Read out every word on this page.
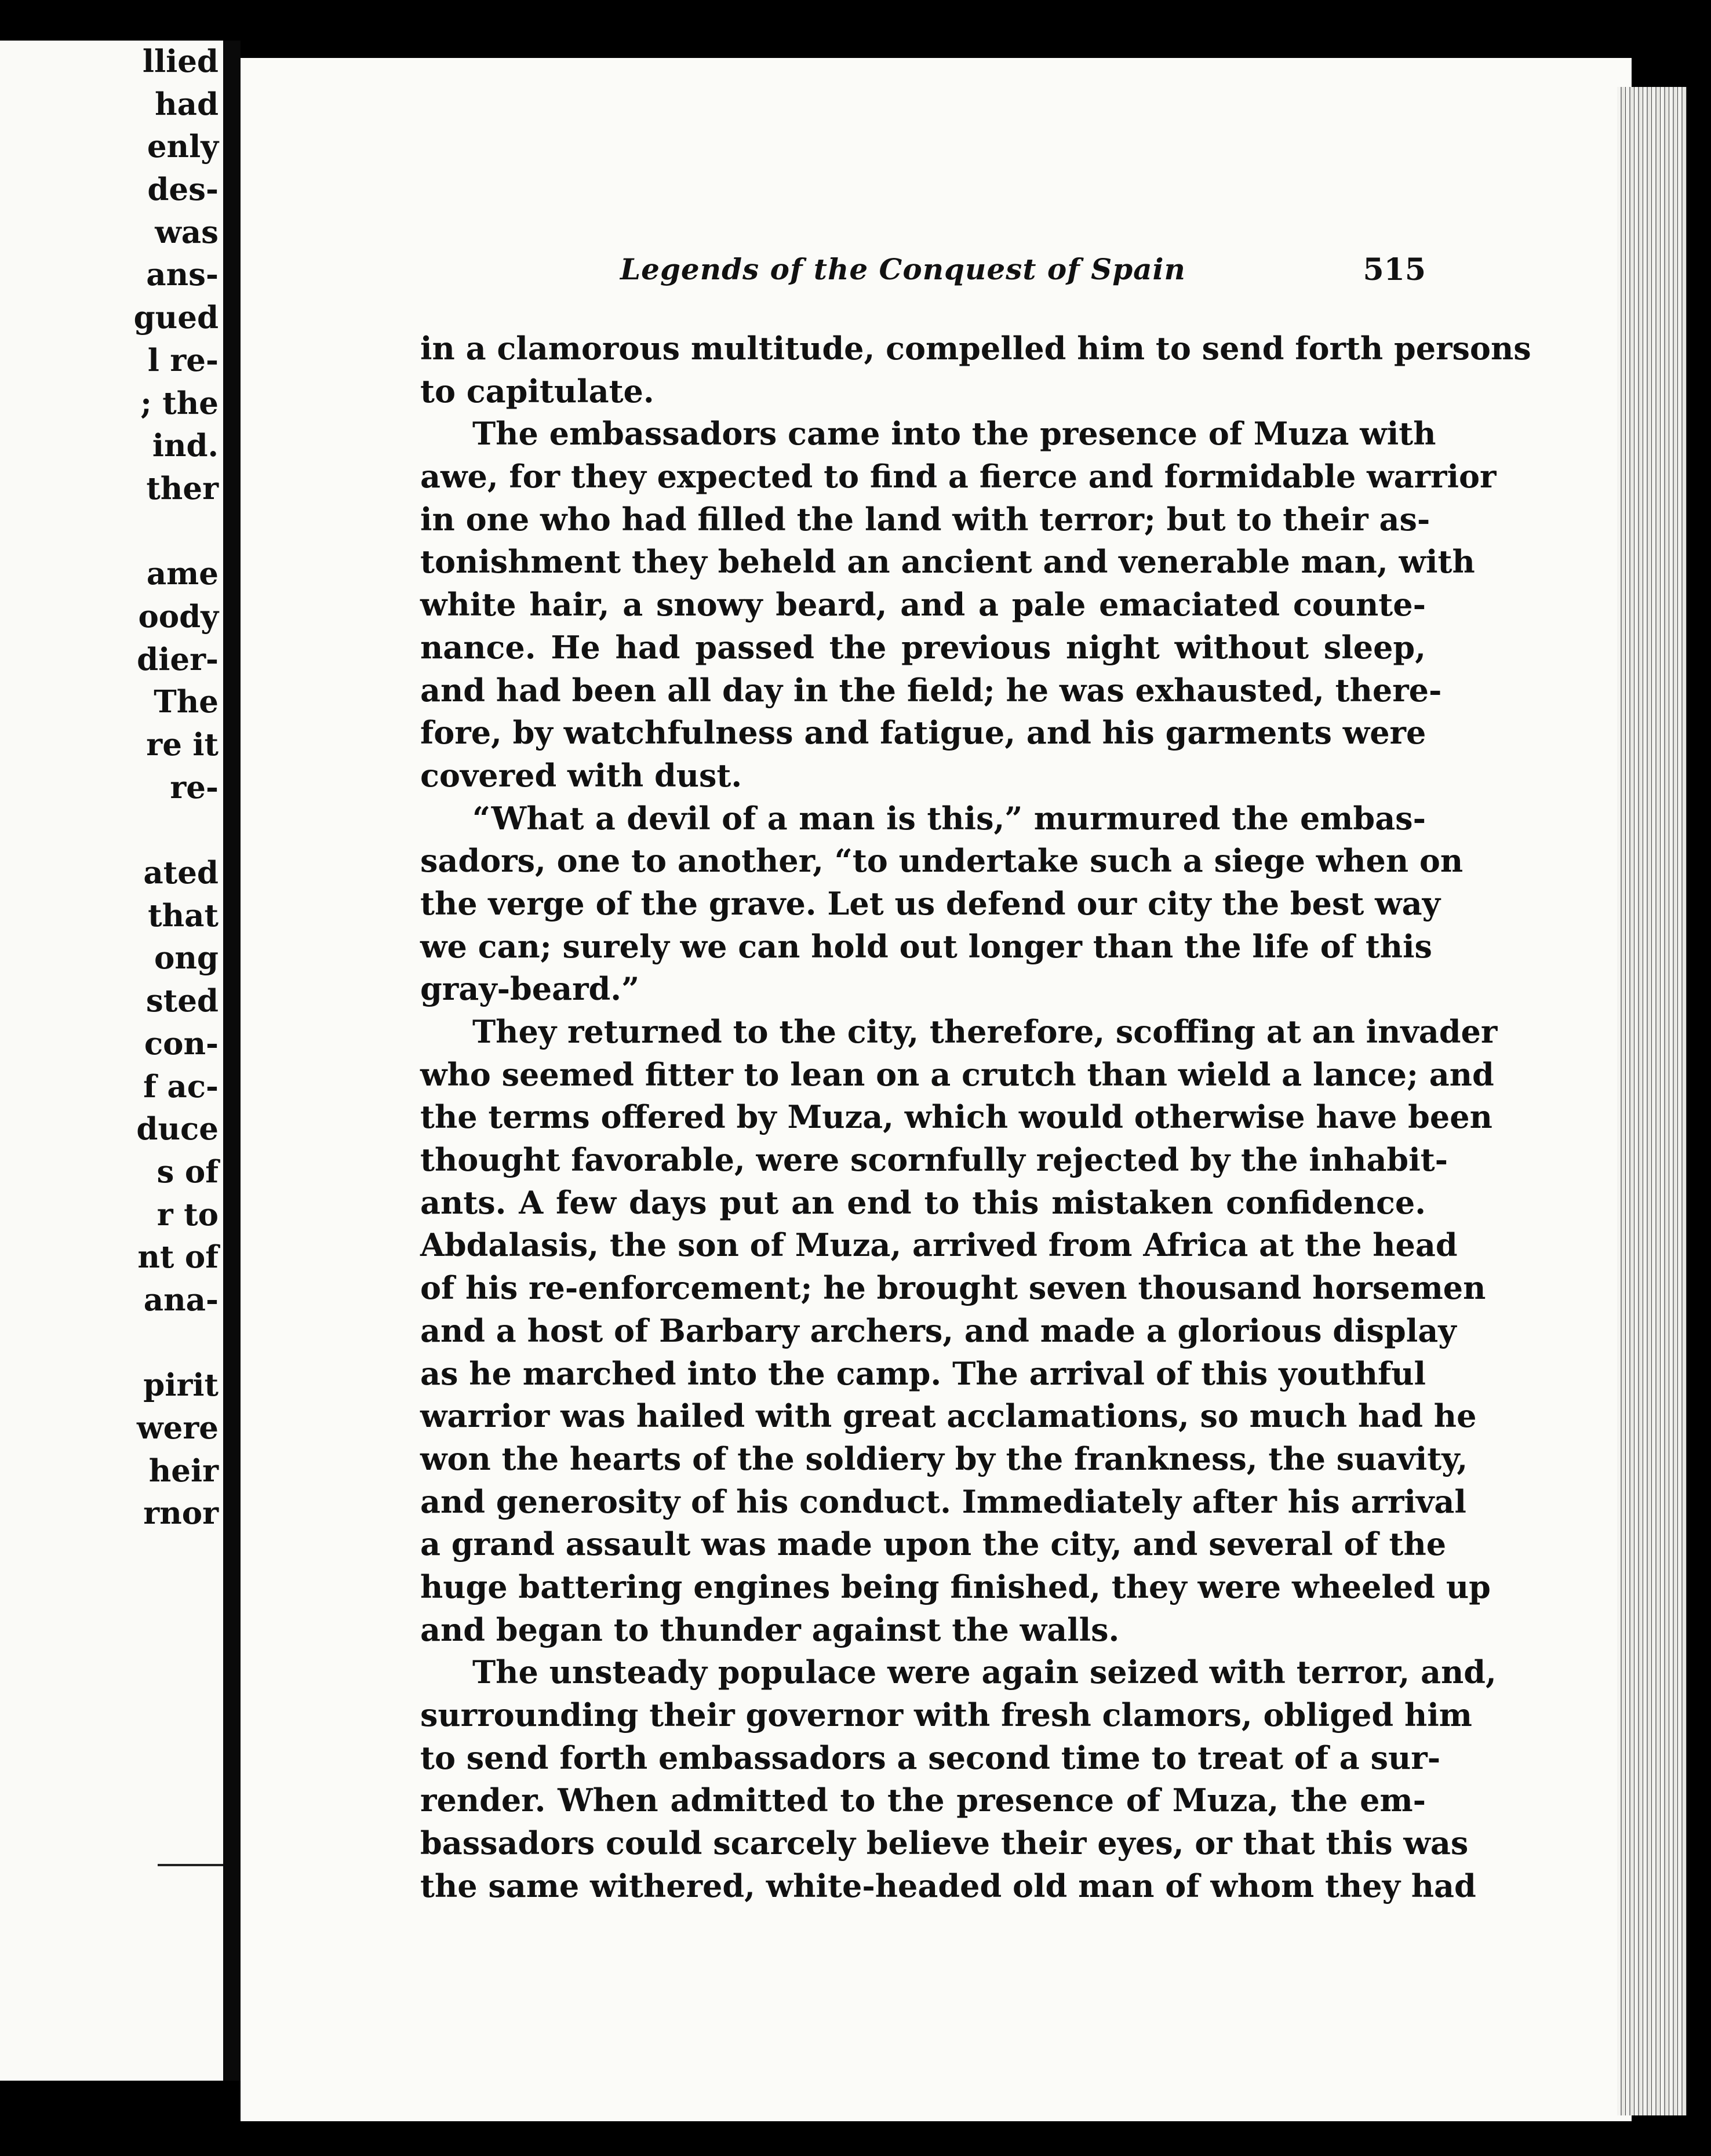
llied
had
enly
des-
was
ans-
gued
l re-
; the
ind.
ther
ame
oody
dier-
The
re it
re-
ated
that
ong
sted
con-
f ac-
duce
s of
r to
nt of
ana-
pirit
were
heir
rnor
Legends of the Conquest of Spain	515
in a clamorous multitude, compelled him to send forth persons
to capitulate.
The embassadors came into the presence of Muza with
awe, for they expected to find a fierce and formidable warrior
in one who had filled the land with terror; but to their as-
tonishment they beheld an ancient and venerable man, with
white hair, a snowy beard, and a pale emaciated counte-
nance. He had passed the previous night without sleep,
and had been all day in the field; he was exhausted, there-
fore, by watchfulness and fatigue, and his garments were
covered with dust.
“What a devil of a man is this,” murmured the embas-
sadors, one to another, “to undertake such a siege when on
the verge of the grave. Let us defend our city the best way
we can; surely we can hold out longer than the life of this
gray-beard.”
They returned to the city, therefore, scoffing at an invader
who seemed fitter to lean on a crutch than wield a lance; and
the terms offered by Muza, which would otherwise have been
thought favorable, were scornfully rejected by the inhabit-
ants. A few days put an end to this mistaken confidence.
Abdalasis, the son of Muza, arrived from Africa at the head
of his re-enforcement; he brought seven thousand horsemen
and a host of Barbary archers, and made a glorious display
as he marched into the camp. The arrival of this youthful
warrior was hailed with great acclamations, so much had he
won the hearts of the soldiery by the frankness, the suavity,
and generosity of his conduct. Immediately after his arrival
a grand assault was made upon the city, and several of the
huge battering engines being finished, they were wheeled up
and began to thunder against the walls.
The unsteady populace were again seized with terror, and,
surrounding their governor with fresh clamors, obliged him
to send forth embassadors a second time to treat of a sur-
render. When admitted to the presence of Muza, the em-
bassadors could scarcely believe their eyes, or that this was
the same withered, white-headed old man of whom they had
